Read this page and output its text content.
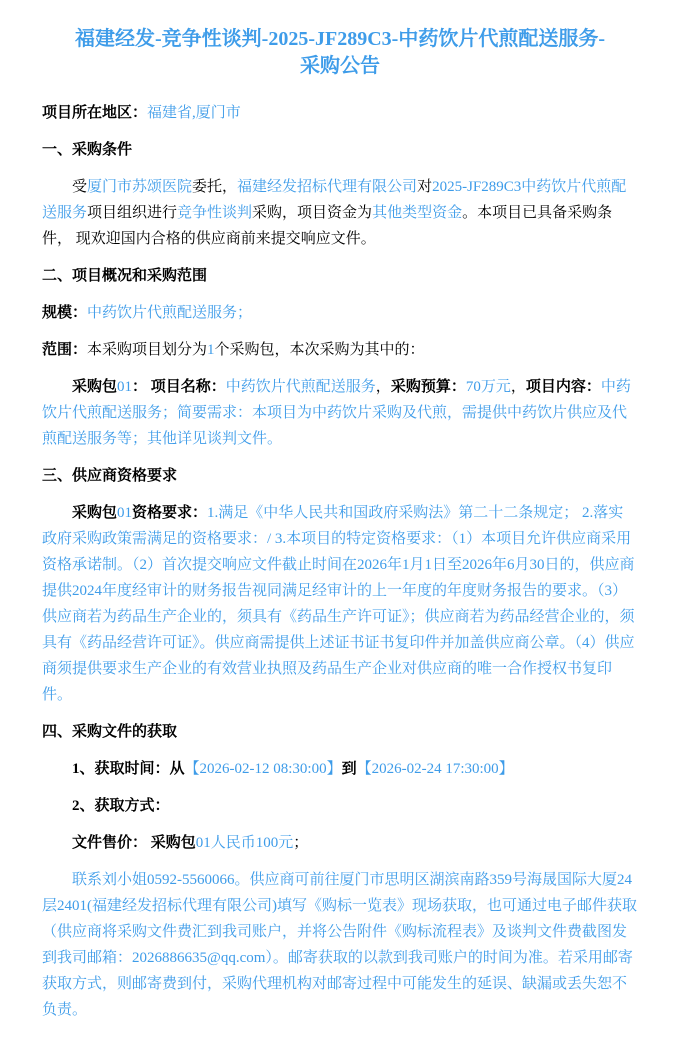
福建经发-竞争性谈判-2025-JF289C3-中药饮片代煎配送服务-采购公告

项目所在地区：福建省,厦门市

一、采购条件

受厦门市苏颂医院委托，福建经发招标代理有限公司对2025-JF289C3中药饮片代煎配送服务项目组织进行竞争性谈判采购，项目资金为其他类型资金。本项目已具备采购条件， 现欢迎国内合格的供应商前来提交响应文件。

二、项目概况和采购范围

规模：中药饮片代煎配送服务；

范围：本采购项目划分为1个采购包，本次采购为其中的：

采购包01： 项目名称：中药饮片代煎配送服务，采购预算：70万元，项目内容：中药饮片代煎配送服务；简要需求：本项目为中药饮片采购及代煎，需提供中药饮片供应及代煎配送服务等；其他详见谈判文件。

三、供应商资格要求

采购包01资格要求：1.满足《中华人民共和国政府采购法》第二十二条规定； 2.落实政府采购政策需满足的资格要求：/ 3.本项目的特定资格要求：（1）本项目允许供应商采用资格承诺制。（2）首次提交响应文件截止时间在2026年1月1日至2026年6月30日的，供应商提供2024年度经审计的财务报告视同满足经审计的上一年度的年度财务报告的要求。（3）供应商若为药品生产企业的，须具有《药品生产许可证》；供应商若为药品经营企业的，须具有《药品经营许可证》。供应商需提供上述证书证书复印件并加盖供应商公章。（4）供应商须提供要求生产企业的有效营业执照及药品生产企业对供应商的唯一合作授权书复印件。

四、采购文件的获取

1、获取时间：从【2026-02-12 08:30:00】到【2026-02-24 17:30:00】

2、获取方式：

文件售价： 采购包01人民币100元；

联系刘小姐0592-5560066。供应商可前往厦门市思明区湖滨南路359号海晟国际大厦24层2401(福建经发招标代理有限公司)填写《购标一览表》现场获取，也可通过电子邮件获取（供应商将采购文件费汇到我司账户，并将公告附件《购标流程表》及谈判文件费截图发到我司邮箱：2026886635@qq.com）。邮寄获取的以款到我司账户的时间为准。若采用邮寄获取方式，则邮寄费到付，采购代理机构对邮寄过程中可能发生的延误、缺漏或丢失恕不负责。
